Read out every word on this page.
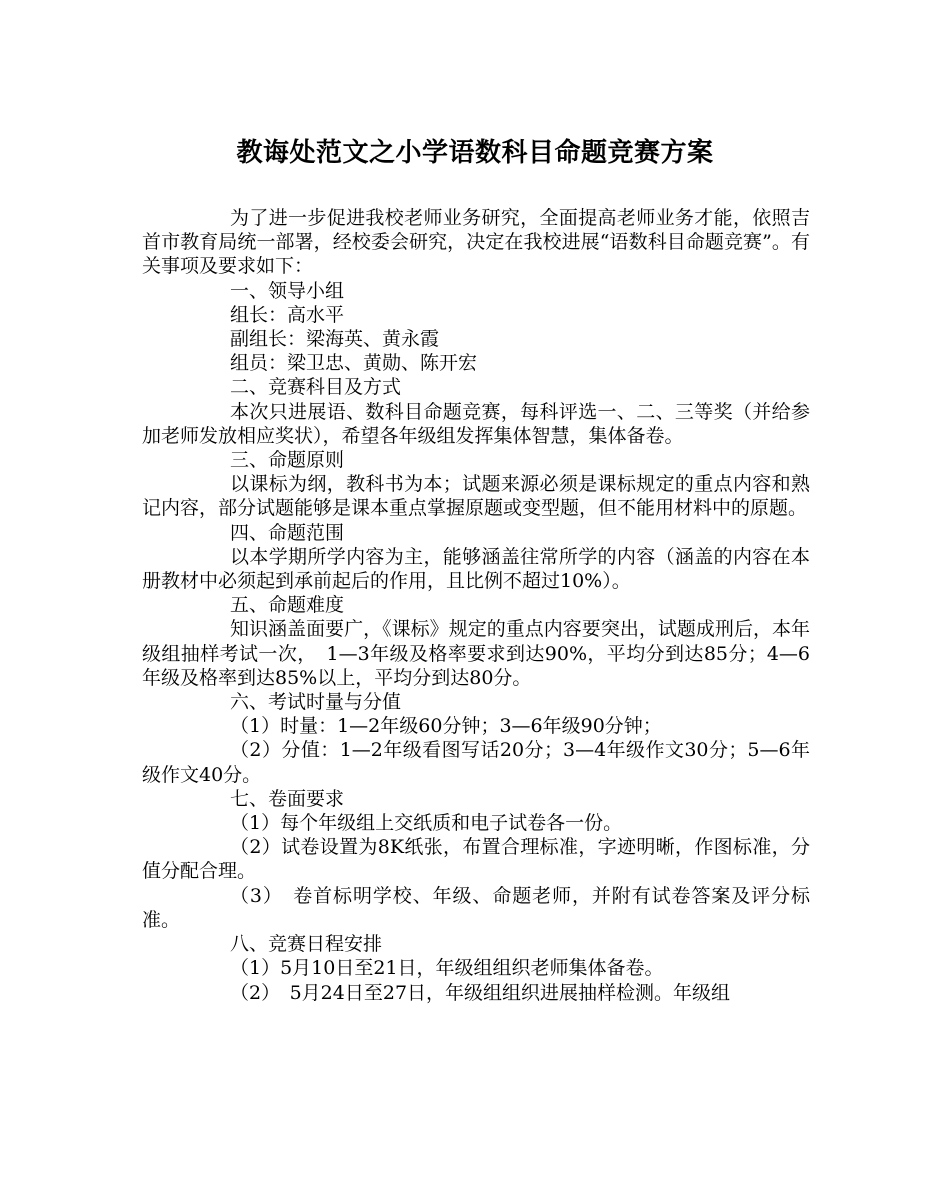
教诲处范文之小学语数科目命题竞赛方案

为了进一步促进我校老师业务研究，全面提高老师业务才能，依照吉首市教育局统一部署，经校委会研究，决定在我校进展“语数科目命题竞赛”。有关事项及要求如下：

一、领导小组

组长：高水平

副组长：梁海英、黄永霞

组员：梁卫忠、黄勋、陈开宏

二、竞赛科目及方式

本次只进展语、数科目命题竞赛，每科评选一、二、三等奖（并给参加老师发放相应奖状），希望各年级组发挥集体智慧，集体备卷。

三、命题原则

以课标为纲，教科书为本；试题来源必须是课标规定的重点内容和熟记内容，部分试题能够是课本重点掌握原题或变型题，但不能用材料中的原题。

四、命题范围

以本学期所学内容为主，能够涵盖往常所学的内容（涵盖的内容在本册教材中必须起到承前起后的作用，且比例不超过10%）。

五、命题难度

知识涵盖面要广，《课标》规定的重点内容要突出，试题成刑后，本年级组抽样考试一次，　1—3年级及格率要求到达90%，平均分到达85分；4—6年级及格率到达85%以上，平均分到达80分。

六、考试时量与分值

（1）时量：1—2年级60分钟；3—6年级90分钟；

（2）分值：1—2年级看图写话20分；3—4年级作文30分；5—6年级作文40分。

七、卷面要求

（1）每个年级组上交纸质和电子试卷各一份。

（2）试卷设置为8K纸张，布置合理标准，字迹明晰，作图标准，分值分配合理。

（3）　卷首标明学校、年级、命题老师，并附有试卷答案及评分标准。

八、竞赛日程安排

（1）5月10日至21日，年级组组织老师集体备卷。

（2）　5月24日至27日，年级组组织进展抽样检测。年级组
